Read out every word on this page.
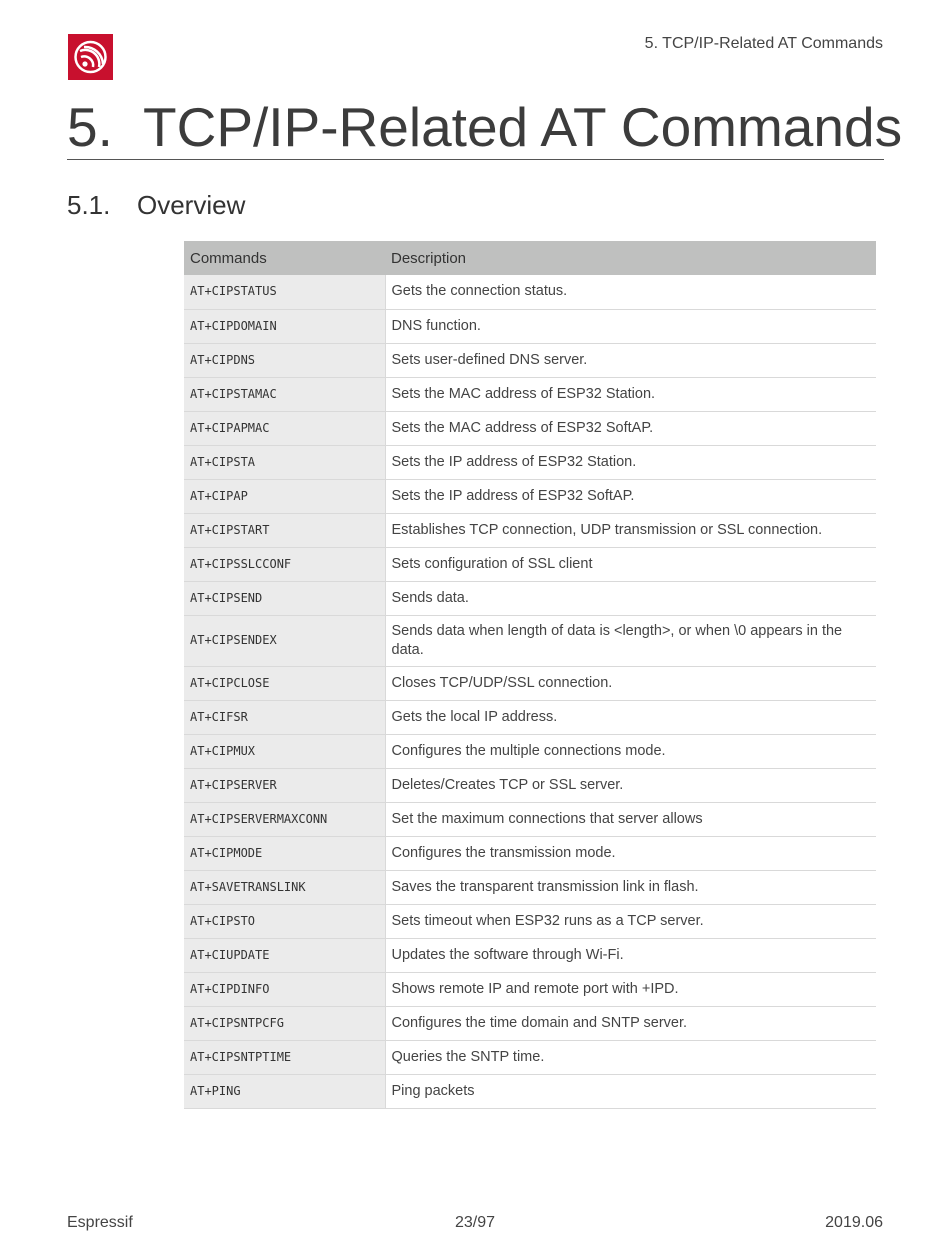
5. TCP/IP-Related AT Commands
5. TCP/IP-Related AT Commands
5.1. Overview
Commands	Description
AT+CIPSTATUS	Gets the connection status.
AT+CIPDOMAIN	DNS function.
AT+CIPDNS	Sets user-defined DNS server.
AT+CIPSTAMAC	Sets the MAC address of ESP32 Station.
AT+CIPAPMAC	Sets the MAC address of ESP32 SoftAP.
AT+CIPSTA	Sets the IP address of ESP32 Station.
AT+CIPAP	Sets the IP address of ESP32 SoftAP.
AT+CIPSTART	Establishes TCP connection, UDP transmission or SSL connection.
AT+CIPSSLCCONF	Sets configuration of SSL client
AT+CIPSEND	Sends data.
AT+CIPSENDEX	Sends data when length of data is <length>, or when \0 appears in the data.
AT+CIPCLOSE	Closes TCP/UDP/SSL connection.
AT+CIFSR	Gets the local IP address.
AT+CIPMUX	Configures the multiple connections mode.
AT+CIPSERVER	Deletes/Creates TCP or SSL server.
AT+CIPSERVERMAXCONN	Set the maximum connections that server allows
AT+CIPMODE	Configures the transmission mode.
AT+SAVETRANSLINK	Saves the transparent transmission link in flash.
AT+CIPSTO	Sets timeout when ESP32 runs as a TCP server.
AT+CIUPDATE	Updates the software through Wi-Fi.
AT+CIPDINFO	Shows remote IP and remote port with +IPD.
AT+CIPSNTPCFG	Configures the time domain and SNTP server.
AT+CIPSNTPTIME	Queries the SNTP time.
AT+PING	Ping packets
Espressif	23/97	2019.06
